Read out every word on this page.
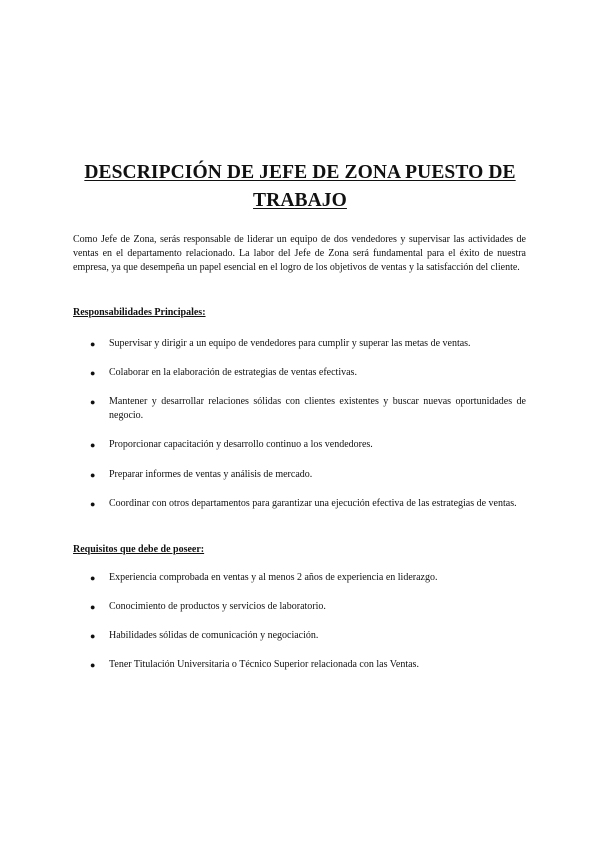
DESCRIPCIÓN DE JEFE DE ZONA PUESTO DE TRABAJO

Como Jefe de Zona, serás responsable de liderar un equipo de dos vendedores y supervisar las actividades de ventas en el departamento relacionado. La labor del Jefe de Zona será fundamental para el éxito de nuestra empresa, ya que desempeña un papel esencial en el logro de los objetivos de ventas y la satisfacción del cliente.

Responsabilidades Principales:

●	Supervisar y dirigir a un equipo de vendedores para cumplir y superar las metas de ventas.
●	Colaborar en la elaboración de estrategias de ventas efectivas.
●	Mantener y desarrollar relaciones sólidas con clientes existentes y buscar nuevas oportunidades de negocio.
●	Proporcionar capacitación y desarrollo continuo a los vendedores.
●	Preparar informes de ventas y análisis de mercado.
●	Coordinar con otros departamentos para garantizar una ejecución efectiva de las estrategias de ventas.

Requisitos que debe de poseer:

●	Experiencia comprobada en ventas y al menos 2 años de experiencia en liderazgo.
●	Conocimiento de productos y servicios de laboratorio.
●	Habilidades sólidas de comunicación y negociación.
●	Tener Titulación Universitaria o Técnico Superior relacionada con las Ventas.
